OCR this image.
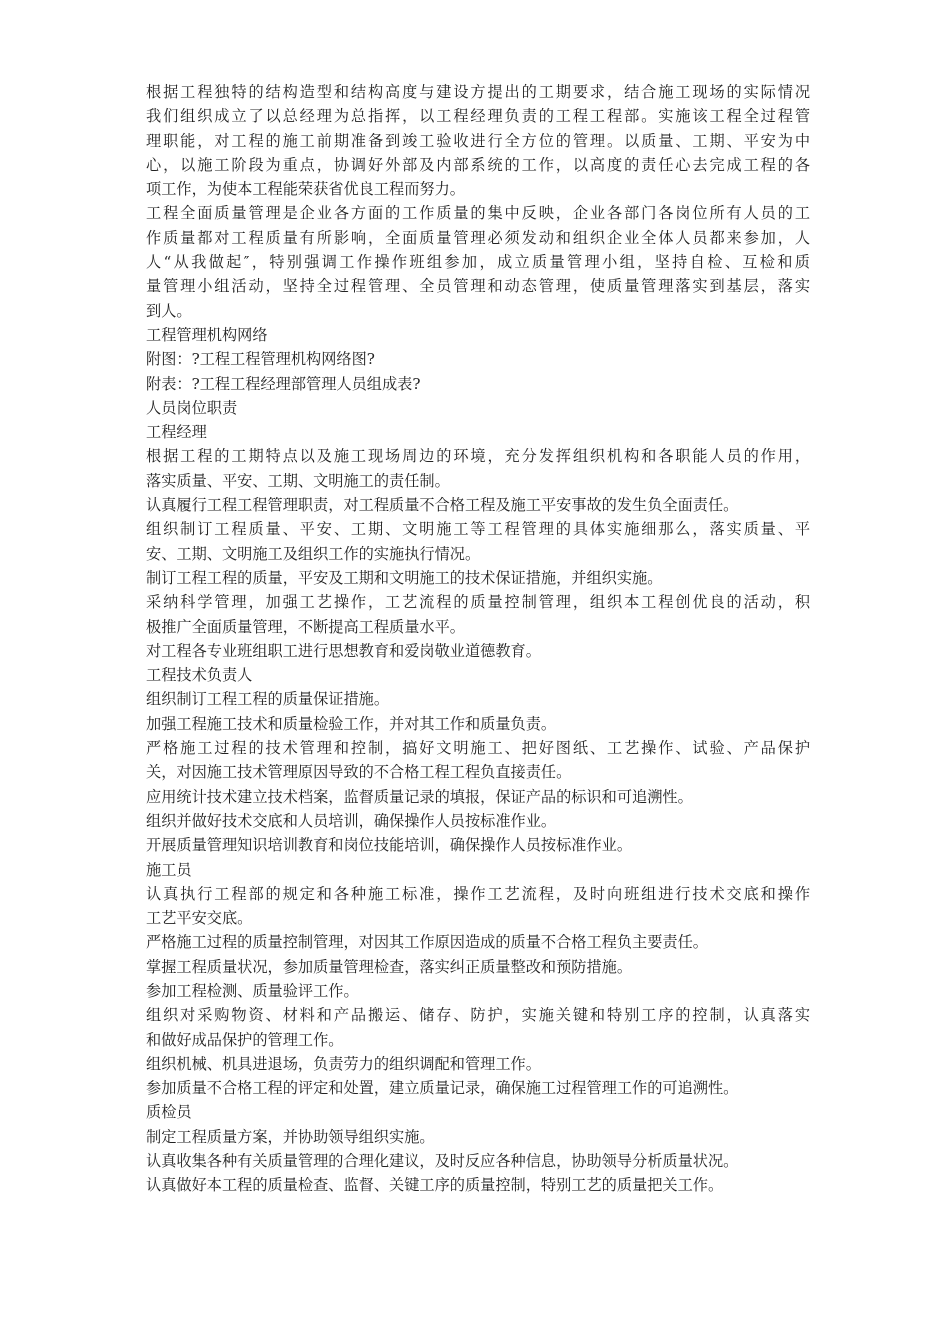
根据工程独特的结构造型和结构高度与建设方提出的工期要求，结合施工现场的实际情况
我们组织成立了以总经理为总指挥，以工程经理负责的工程工程部。实施该工程全过程管
理职能，对工程的施工前期准备到竣工验收进行全方位的管理。以质量、工期、平安为中
心，以施工阶段为重点，协调好外部及内部系统的工作，以高度的责任心去完成工程的各
项工作，为使本工程能荣获省优良工程而努力。
工程全面质量管理是企业各方面的工作质量的集中反映，企业各部门各岗位所有人员的工
作质量都对工程质量有所影响，全面质量管理必须发动和组织企业全体人员都来参加，人
人“从我做起″，特别强调工作操作班组参加，成立质量管理小组，坚持自检、互检和质
量管理小组活动，坚持全过程管理、全员管理和动态管理，使质量管理落实到基层，落实
到人。
工程管理机构网络
附图：?工程工程管理机构网络图?
附表：?工程工程经理部管理人员组成表?
人员岗位职责
工程经理
根据工程的工期特点以及施工现场周边的环境，充分发挥组织机构和各职能人员的作用，
落实质量、平安、工期、文明施工的责任制。
认真履行工程工程管理职责，对工程质量不合格工程及施工平安事故的发生负全面责任。
组织制订工程质量、平安、工期、文明施工等工程管理的具体实施细那么，落实质量、平
安、工期、文明施工及组织工作的实施执行情况。
制订工程工程的质量，平安及工期和文明施工的技术保证措施，并组织实施。
采纳科学管理，加强工艺操作，工艺流程的质量控制管理，组织本工程创优良的活动，积
极推广全面质量管理，不断提高工程质量水平。
对工程各专业班组职工进行思想教育和爱岗敬业道德教育。
工程技术负责人
组织制订工程工程的质量保证措施。
加强工程施工技术和质量检验工作，并对其工作和质量负责。
严格施工过程的技术管理和控制，搞好文明施工、把好图纸、工艺操作、试验、产品保护
关，对因施工技术管理原因导致的不合格工程工程负直接责任。
应用统计技术建立技术档案，监督质量记录的填报，保证产品的标识和可追溯性。
组织并做好技术交底和人员培训，确保操作人员按标准作业。
开展质量管理知识培训教育和岗位技能培训，确保操作人员按标准作业。
施工员
认真执行工程部的规定和各种施工标准，操作工艺流程，及时向班组进行技术交底和操作
工艺平安交底。
严格施工过程的质量控制管理，对因其工作原因造成的质量不合格工程负主要责任。
掌握工程质量状况，参加质量管理检查，落实纠正质量整改和预防措施。
参加工程检测、质量验评工作。
组织对采购物资、材料和产品搬运、储存、防护，实施关键和特别工序的控制，认真落实
和做好成品保护的管理工作。
组织机械、机具进退场，负责劳力的组织调配和管理工作。
参加质量不合格工程的评定和处置，建立质量记录，确保施工过程管理工作的可追溯性。
质检员
制定工程质量方案，并协助领导组织实施。
认真收集各种有关质量管理的合理化建议，及时反应各种信息，协助领导分析质量状况。
认真做好本工程的质量检查、监督、关键工序的质量控制，特别工艺的质量把关工作。
